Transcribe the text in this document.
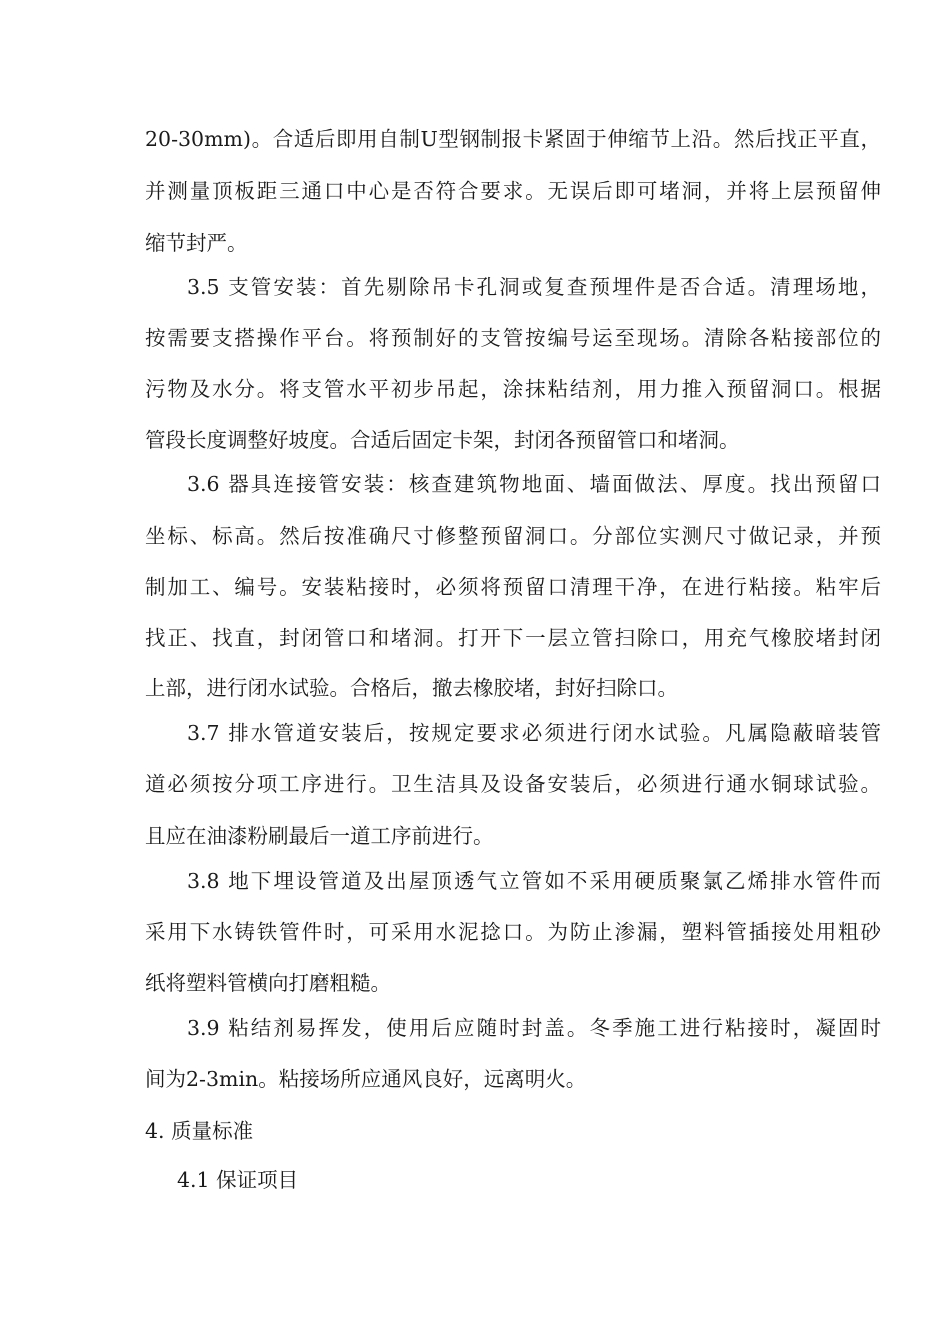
20-30mm)。合适后即用自制U型钢制报卡紧固于伸缩节上沿。然后找正平直，

并测量顶板距三通口中心是否符合要求。无误后即可堵洞，并将上层预留伸

缩节封严。

3.5 支管安装：首先剔除吊卡孔洞或复查预埋件是否合适。清理场地，

按需要支搭操作平台。将预制好的支管按编号运至现场。清除各粘接部位的

污物及水分。将支管水平初步吊起，涂抹粘结剂，用力推入预留洞口。根据

管段长度调整好坡度。合适后固定卡架，封闭各预留管口和堵洞。

3.6 器具连接管安装：核查建筑物地面、墙面做法、厚度。找出预留口

坐标、标高。然后按准确尺寸修整预留洞口。分部位实测尺寸做记录，并预

制加工、编号。安装粘接时，必须将预留口清理干净，在进行粘接。粘牢后

找正、找直，封闭管口和堵洞。打开下一层立管扫除口，用充气橡胶堵封闭

上部，进行闭水试验。合格后，撤去橡胶堵，封好扫除口。

3.7 排水管道安装后，按规定要求必须进行闭水试验。凡属隐蔽暗装管

道必须按分项工序进行。卫生洁具及设备安装后，必须进行通水铜球试验。

且应在油漆粉刷最后一道工序前进行。

3.8 地下埋设管道及出屋顶透气立管如不采用硬质聚氯乙烯排水管件而

采用下水铸铁管件时，可采用水泥捻口。为防止渗漏，塑料管插接处用粗砂

纸将塑料管横向打磨粗糙。

3.9 粘结剂易挥发，使用后应随时封盖。冬季施工进行粘接时，凝固时

间为2-3min。粘接场所应通风良好，远离明火。

4. 质量标准

4.1 保证项目
